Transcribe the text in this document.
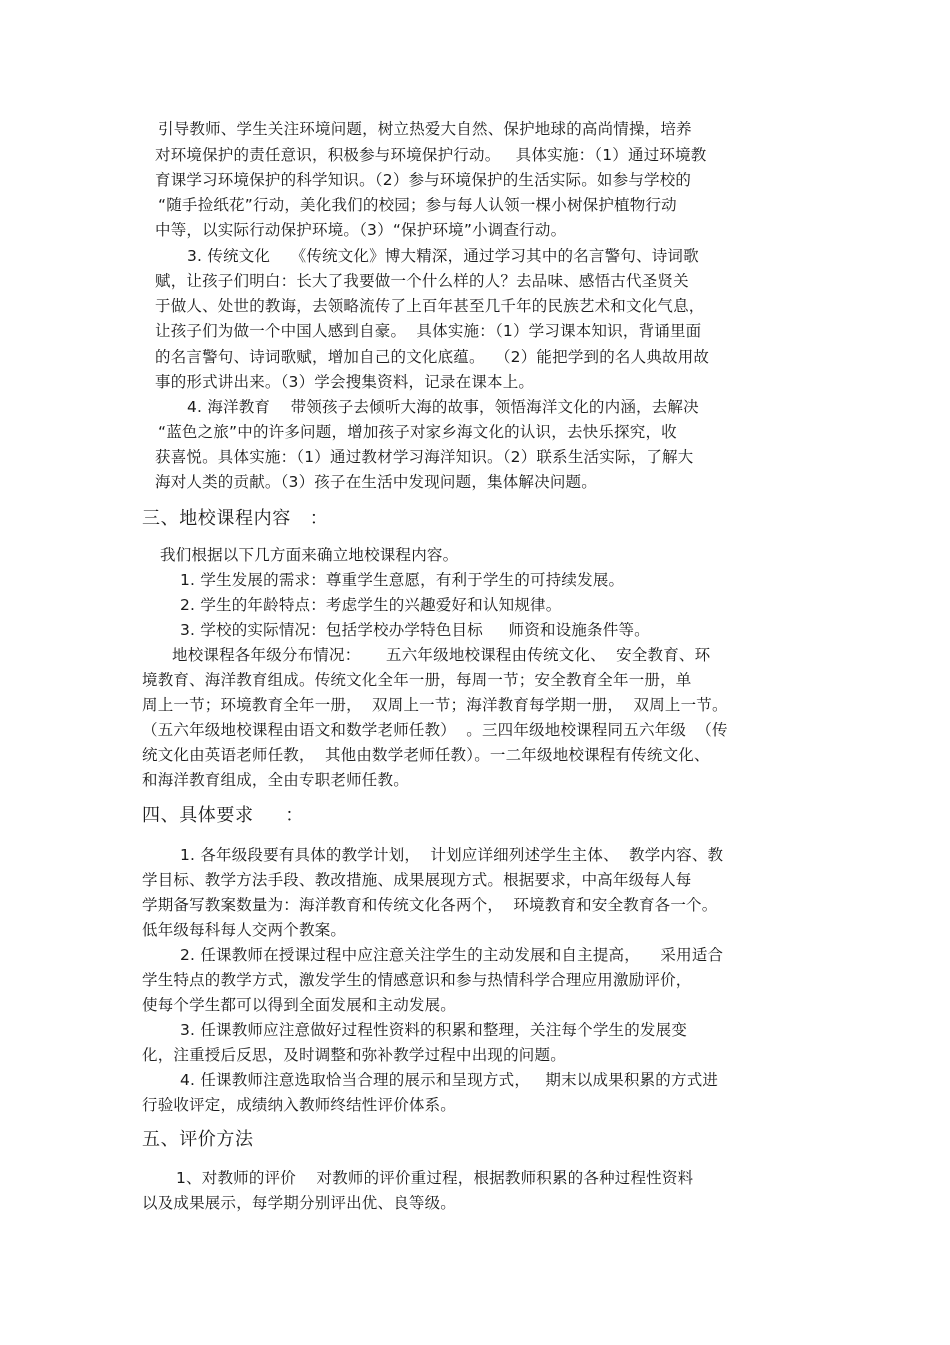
引导教师、学生关注环境问题，树立热爱大自然、保护地球的高尚情操，培养

对环境保护的责任意识，积极参与环境保护行动。   具体实施：（1）通过环境教

育课学习环境保护的科学知识。（2）参与环境保护的生活实际。如参与学校的

“随手捡纸花”行动，美化我们的校园；参与每人认领一棵小树保护植物行动

中等，以实际行动保护环境。（3）“保护环境”小调查行动。

3. 传统文化    《传统文化》博大精深，通过学习其中的名言警句、诗词歌

赋，让孩子们明白：长大了我要做一个什么样的人？去品味、感悟古代圣贤关

于做人、处世的教诲，去领略流传了上百年甚至几千年的民族艺术和文化气息，

让孩子们为做一个中国人感到自豪。  具体实施：（1）学习课本知识，背诵里面

的名言警句、诗词歌赋，增加自己的文化底蕴。  （2）能把学到的名人典故用故

事的形式讲出来。（3）学会搜集资料，记录在课本上。

4. 海洋教育    带领孩子去倾听大海的故事，领悟海洋文化的内涵，去解决

“蓝色之旅”中的许多问题，增加孩子对家乡海文化的认识，去快乐探究，收

获喜悦。具体实施：（1）通过教材学习海洋知识。（2）联系生活实际，了解大

海对人类的贡献。（3）孩子在生活中发现问题，集体解决问题。

三、地校课程内容   ：

我们根据以下几方面来确立地校课程内容。

1. 学生发展的需求：尊重学生意愿，有利于学生的可持续发展。

2. 学生的年龄特点：考虑学生的兴趣爱好和认知规律。

3. 学校的实际情况：包括学校办学特色目标     师资和设施条件等。

地校课程各年级分布情况：     五六年级地校课程由传统文化、  安全教育、环

境教育、海洋教育组成。传统文化全年一册，每周一节；安全教育全年一册，单

周上一节；环境教育全年一册，  双周上一节；海洋教育每学期一册，  双周上一节。

（五六年级地校课程由语文和数学老师任教）  。三四年级地校课程同五六年级  （传

统文化由英语老师任教，  其他由数学老师任教）。一二年级地校课程有传统文化、

和海洋教育组成，全由专职老师任教。

四、具体要求     ：

1. 各年级段要有具体的教学计划，  计划应详细列述学生主体、  教学内容、教

学目标、教学方法手段、教改措施、成果展现方式。根据要求，中高年级每人每

学期备写教案数量为：海洋教育和传统文化各两个，  环境教育和安全教育各一个。

低年级每科每人交两个教案。

2. 任课教师在授课过程中应注意关注学生的主动发展和自主提高，    采用适合

学生特点的教学方式，激发学生的情感意识和参与热情科学合理应用激励评价，

使每个学生都可以得到全面发展和主动发展。

3. 任课教师应注意做好过程性资料的积累和整理，关注每个学生的发展变

化，注重授后反思，及时调整和弥补教学过程中出现的问题。

4. 任课教师注意选取恰当合理的展示和呈现方式，   期末以成果积累的方式进

行验收评定，成绩纳入教师终结性评价体系。

五、评价方法

1、对教师的评价    对教师的评价重过程，根据教师积累的各种过程性资料

以及成果展示，每学期分别评出优、良等级。
